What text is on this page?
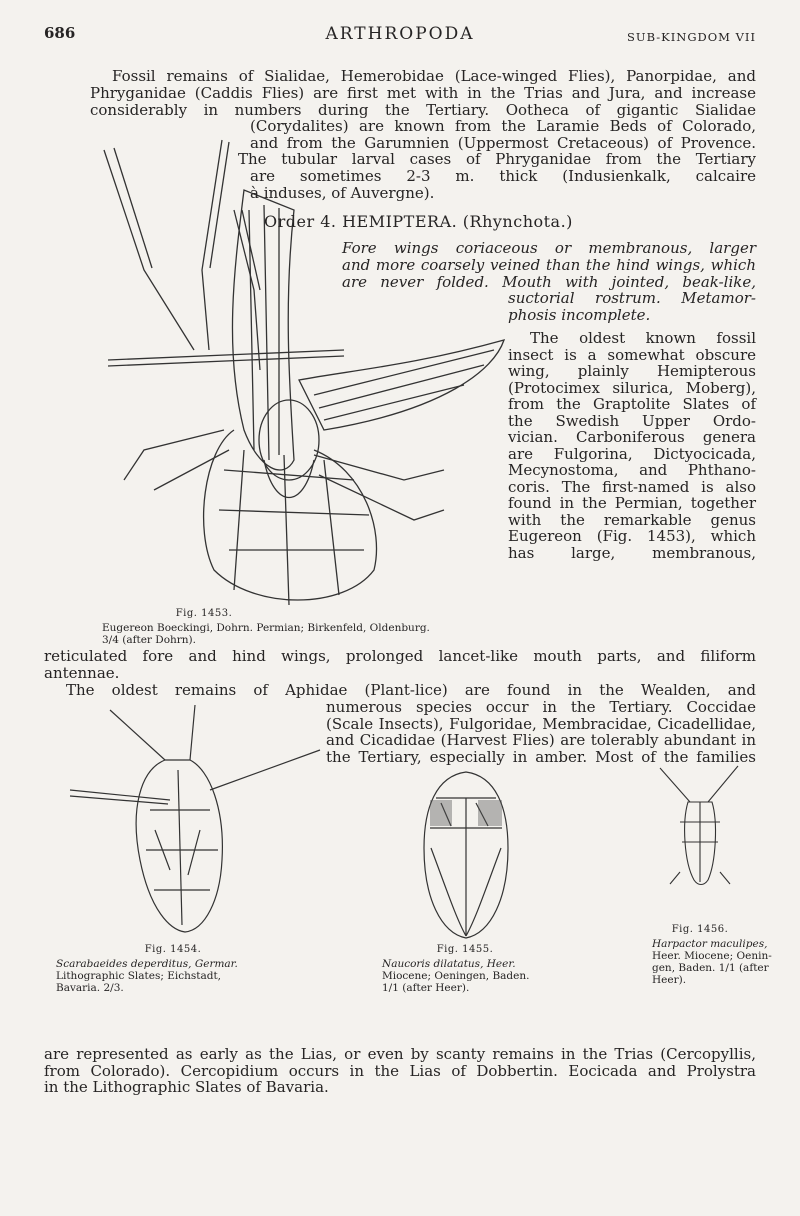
686	ARTHROPODA	SUB-KINGDOM VII
Fossil remains of Sialidae, Hemerobidae (Lace-winged Flies), Panorpidae, and
Phryganidae (Caddis Flies) are first met with in the Trias and Jura, and increase
considerably in numbers during the Tertiary. Ootheca of gigantic Sialidae
(Corydalites) are known from the Laramie Beds of Colorado,
and from the Garumnien (Uppermost Cretaceous) of Provence.
The tubular larval cases of Phryganidae from the Tertiary
are sometimes 2-3 m. thick (Indusienkalk, calcaire
à induses, of Auvergne).
Order 4. HEMIPTERA. (Rhynchota.)
Fore wings coriaceous or membranous, larger
and more coarsely veined than the hind wings, which
are never folded. Mouth with jointed, beak-like,
suctorial rostrum. Metamor-
phosis incomplete.
The oldest known fossil
insect is a somewhat obscure
wing, plainly Hemipterous
(Protocimex silurica, Moberg),
from the Graptolite Slates of
the Swedish Upper Ordo-
vician. Carboniferous genera
are Fulgorina, Dictyocicada,
Mecynostoma, and Phthano-
coris. The first-named is also
found in the Permian, together
with the remarkable genus
Eugereon (Fig. 1453), which
has large, membranous,
Fig. 1453.
Eugereon Boeckingi, Dohrn. Permian; Birkenfeld, Oldenburg.
3/4 (after Dohrn).
reticulated fore and hind wings, prolonged lancet-like mouth parts, and filiform
antennae.
The oldest remains of Aphidae (Plant-lice) are found in the Wealden, and
numerous species occur in the Tertiary. Coccidae
(Scale Insects), Fulgoridae, Membracidae, Cicadellidae,
and Cicadidae (Harvest Flies) are tolerably abundant in
the Tertiary, especially in amber. Most of the families
Fig. 1454.
Scarabaeides deperditus, Germar.
Lithographic Slates; Eichstadt,
Bavaria. 2/3.
Fig. 1455.
Naucoris dilatatus, Heer.
Miocene; Oeningen, Baden.
1/1 (after Heer).
Fig. 1456.
Harpactor maculipes,
Heer. Miocene; Oenin-
gen, Baden. 1/1 (after
Heer).
are represented as early as the Lias, or even by scanty remains in the Trias (Cercopyllis,
from Colorado). Cercopidium occurs in the Lias of Dobbertin. Eocicada and Prolystra
in the Lithographic Slates of Bavaria.
